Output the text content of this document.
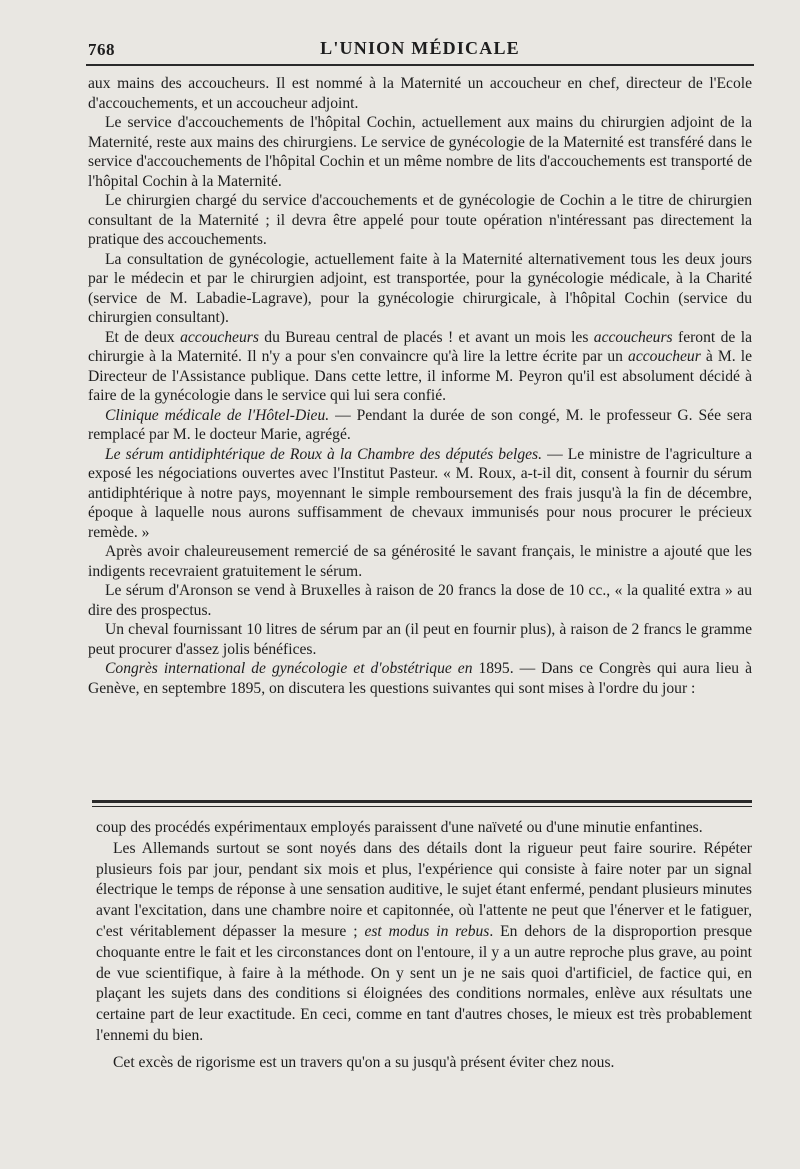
768	L'UNION MÉDICALE

aux mains des accoucheurs. Il est nommé à la Maternité un accoucheur en chef, directeur de l'Ecole d'accouchements, et un accoucheur adjoint.

Le service d'accouchements de l'hôpital Cochin, actuellement aux mains du chirurgien adjoint de la Maternité, reste aux mains des chirurgiens. Le service de gynécologie de la Maternité est transféré dans le service d'accouchements de l'hôpital Cochin et un même nombre de lits d'accouchements est transporté de l'hôpital Cochin à la Maternité.

Le chirurgien chargé du service d'accouchements et de gynécologie de Cochin a le titre de chirurgien consultant de la Maternité ; il devra être appelé pour toute opération n'intéressant pas directement la pratique des accouchements.

La consultation de gynécologie, actuellement faite à la Maternité alternativement tous les deux jours par le médecin et par le chirurgien adjoint, est transportée, pour la gynécologie médicale, à la Charité (service de M. Labadie-Lagrave), pour la gynécologie chirurgicale, à l'hôpital Cochin (service du chirurgien consultant).

Et de deux accoucheurs du Bureau central de placés ! et avant un mois les accoucheurs feront de la chirurgie à la Maternité. Il n'y a pour s'en convaincre qu'à lire la lettre écrite par un accoucheur à M. le Directeur de l'Assistance publique. Dans cette lettre, il informe M. Peyron qu'il est absolument décidé à faire de la gynécologie dans le service qui lui sera confié.

Clinique médicale de l'Hôtel-Dieu. — Pendant la durée de son congé, M. le professeur G. Sée sera remplacé par M. le docteur Marie, agrégé.

Le sérum antidiphtérique de Roux à la Chambre des députés belges. — Le ministre de l'agriculture a exposé les négociations ouvertes avec l'Institut Pasteur. « M. Roux, a-t-il dit, consent à fournir du sérum antidiphtérique à notre pays, moyennant le simple remboursement des frais jusqu'à la fin de décembre, époque à laquelle nous aurons suffisamment de chevaux immunisés pour nous procurer le précieux remède. »

Après avoir chaleureusement remercié de sa générosité le savant français, le ministre a ajouté que les indigents recevraient gratuitement le sérum.

Le sérum d'Aronson se vend à Bruxelles à raison de 20 francs la dose de 10 cc., « la qualité extra » au dire des prospectus.

Un cheval fournissant 10 litres de sérum par an (il peut en fournir plus), à raison de 2 francs le gramme peut procurer d'assez jolis bénéfices.

Congrès international de gynécologie et d'obstétrique en 1895. — Dans ce Congrès qui aura lieu à Genève, en septembre 1895, on discutera les questions suivantes qui sont mises à l'ordre du jour :

coup des procédés expérimentaux employés paraissent d'une naïveté ou d'une minutie enfantines.

Les Allemands surtout se sont noyés dans des détails dont la rigueur peut faire sourire. Répéter plusieurs fois par jour, pendant six mois et plus, l'expérience qui consiste à faire noter par un signal électrique le temps de réponse à une sensation auditive, le sujet étant enfermé, pendant plusieurs minutes avant l'excitation, dans une chambre noire et capitonnée, où l'attente ne peut que l'énerver et le fatiguer, c'est véritablement dépasser la mesure ; est modus in rebus. En dehors de la disproportion presque choquante entre le fait et les circonstances dont on l'entoure, il y a un autre reproche plus grave, au point de vue scientifique, à faire à la méthode. On y sent un je ne sais quoi d'artificiel, de factice qui, en plaçant les sujets dans des conditions si éloignées des conditions normales, enlève aux résultats une certaine part de leur exactitude. En ceci, comme en tant d'autres choses, le mieux est très probablement l'ennemi du bien.

Cet excès de rigorisme est un travers qu'on a su jusqu'à présent éviter chez nous.
